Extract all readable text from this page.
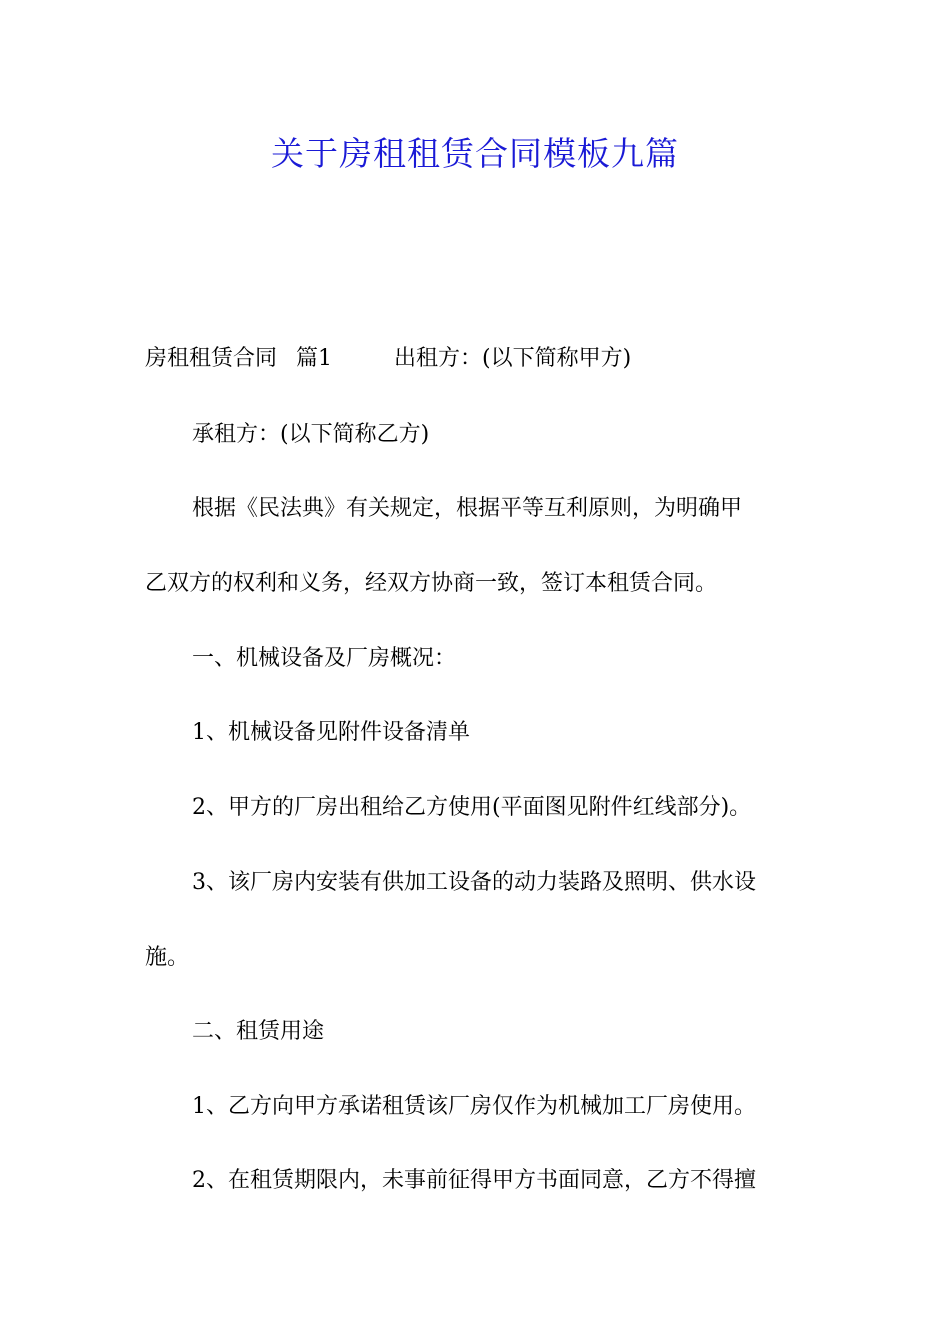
关于房租租赁合同模板九篇
房租租赁合同 篇1	出租方：(以下简称甲方)
承租方：(以下简称乙方)
根据《民法典》有关规定，根据平等互利原则，为明确甲
乙双方的权利和义务，经双方协商一致，签订本租赁合同。
一、机械设备及厂房概况：
1、机械设备见附件设备清单
2、甲方的厂房出租给乙方使用(平面图见附件红线部分)。
3、该厂房内安装有供加工设备的动力装路及照明、供水设
施。
二、租赁用途
1、乙方向甲方承诺租赁该厂房仅作为机械加工厂房使用。
2、在租赁期限内，未事前征得甲方书面同意，乙方不得擅
